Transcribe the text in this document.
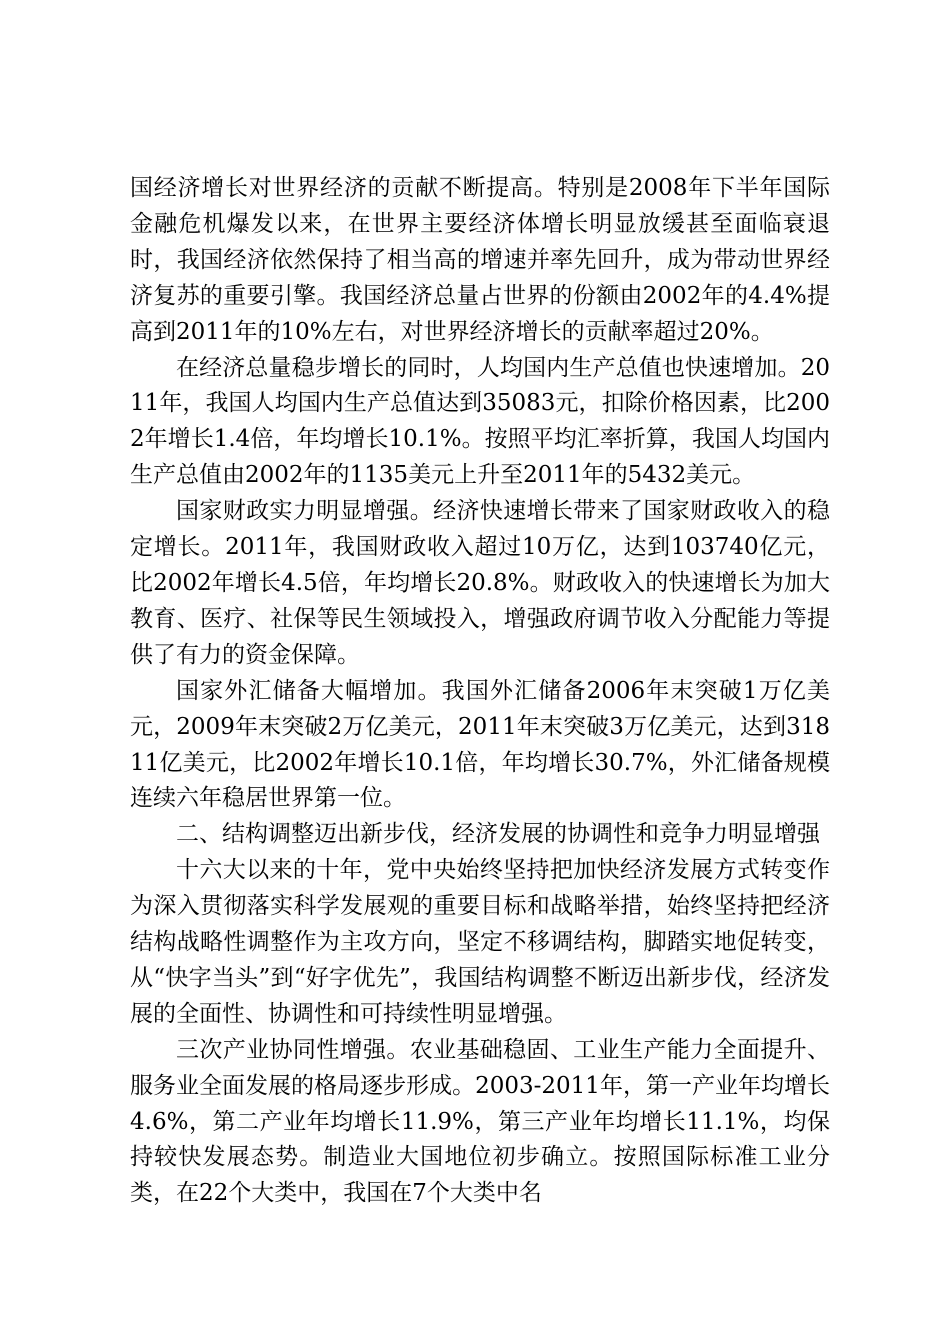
国经济增长对世界经济的贡献不断提高。特别是2008年下半年国际金融危机爆发以来，在世界主要经济体增长明显放缓甚至面临衰退时，我国经济依然保持了相当高的增速并率先回升，成为带动世界经济复苏的重要引擎。我国经济总量占世界的份额由2002年的4.4%提高到2011年的10%左右，对世界经济增长的贡献率超过20%。

在经济总量稳步增长的同时，人均国内生产总值也快速增加。2011年，我国人均国内生产总值达到35083元，扣除价格因素，比2002年增长1.4倍，年均增长10.1%。按照平均汇率折算，我国人均国内生产总值由2002年的1135美元上升至2011年的5432美元。

国家财政实力明显增强。经济快速增长带来了国家财政收入的稳定增长。2011年，我国财政收入超过10万亿，达到103740亿元，比2002年增长4.5倍，年均增长20.8%。财政收入的快速增长为加大教育、医疗、社保等民生领域投入，增强政府调节收入分配能力等提供了有力的资金保障。

国家外汇储备大幅增加。我国外汇储备2006年末突破1万亿美元，2009年末突破2万亿美元，2011年末突破3万亿美元，达到31811亿美元，比2002年增长10.1倍，年均增长30.7%，外汇储备规模连续六年稳居世界第一位。

二、结构调整迈出新步伐，经济发展的协调性和竞争力明显增强

十六大以来的十年，党中央始终坚持把加快经济发展方式转变作为深入贯彻落实科学发展观的重要目标和战略举措，始终坚持把经济结构战略性调整作为主攻方向，坚定不移调结构，脚踏实地促转变，从“快字当头”到“好字优先”，我国结构调整不断迈出新步伐，经济发展的全面性、协调性和可持续性明显增强。

三次产业协同性增强。农业基础稳固、工业生产能力全面提升、服务业全面发展的格局逐步形成。2003-2011年，第一产业年均增长4.6%，第二产业年均增长11.9%，第三产业年均增长11.1%，均保持较快发展态势。制造业大国地位初步确立。按照国际标准工业分类，在22个大类中，我国在7个大类中名
